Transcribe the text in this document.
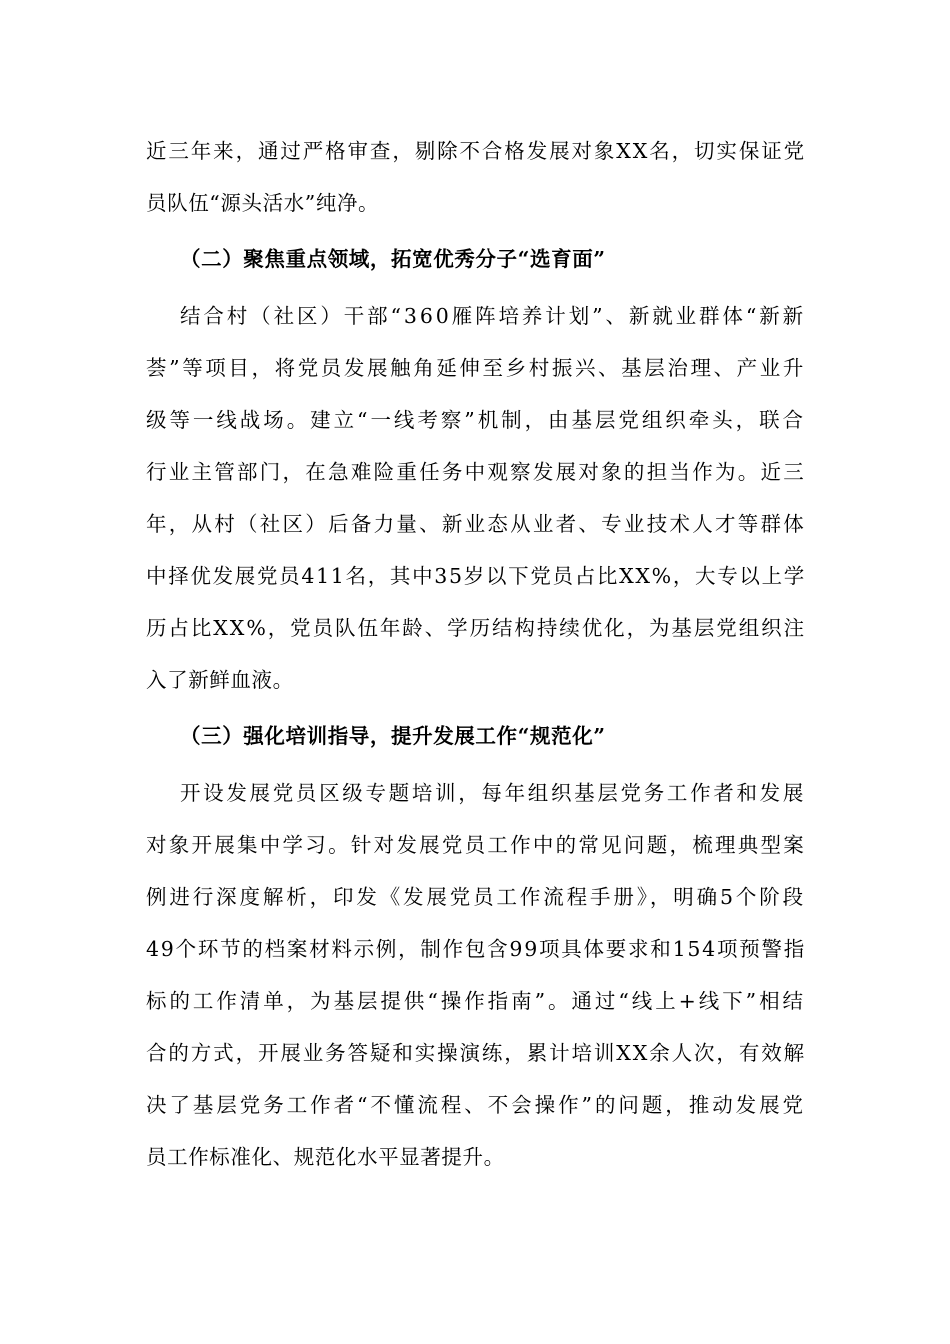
近三年来，通过严格审查，剔除不合格发展对象XX名，切实保证党

员队伍“源头活水”纯净。

（二）聚焦重点领域，拓宽优秀分子“选育面”

结合村（社区）干部“360雁阵培养计划”、新就业群体“新新

荟”等项目，将党员发展触角延伸至乡村振兴、基层治理、产业升

级等一线战场。建立“一线考察”机制，由基层党组织牵头，联合

行业主管部门，在急难险重任务中观察发展对象的担当作为。近三

年，从村（社区）后备力量、新业态从业者、专业技术人才等群体

中择优发展党员411名，其中35岁以下党员占比XX%，大专以上学

历占比XX%，党员队伍年龄、学历结构持续优化，为基层党组织注

入了新鲜血液。

（三）强化培训指导，提升发展工作“规范化”

开设发展党员区级专题培训，每年组织基层党务工作者和发展

对象开展集中学习。针对发展党员工作中的常见问题，梳理典型案

例进行深度解析，印发《发展党员工作流程手册》，明确5个阶段

49个环节的档案材料示例，制作包含99项具体要求和154项预警指

标的工作清单，为基层提供“操作指南”。通过“线上+线下”相结

合的方式，开展业务答疑和实操演练，累计培训XX余人次，有效解

决了基层党务工作者“不懂流程、不会操作”的问题，推动发展党

员工作标准化、规范化水平显著提升。
